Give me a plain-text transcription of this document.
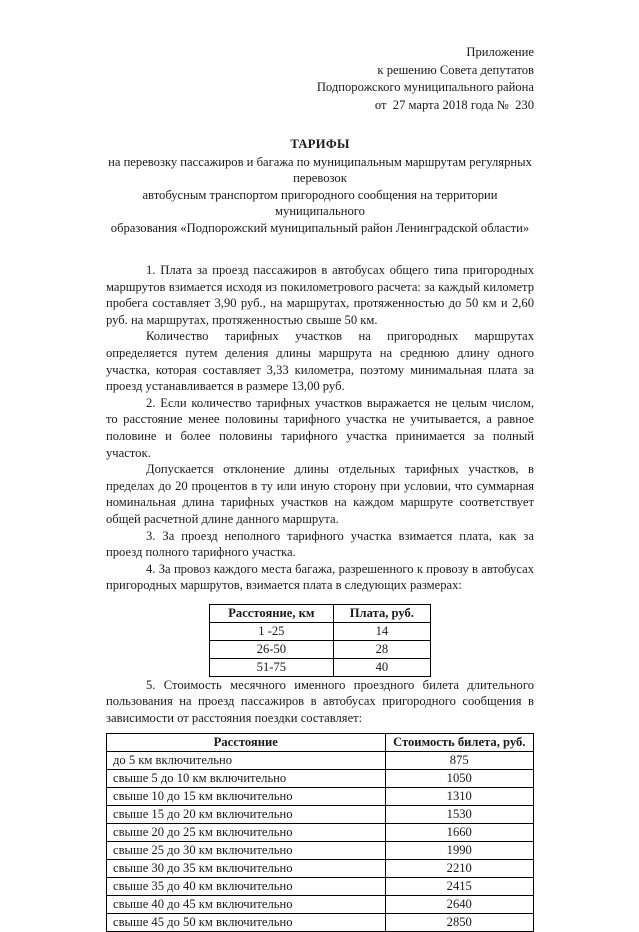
Приложение
к решению Совета депутатов
Подпорожского муниципального района
от  27 марта 2018 года №  230
ТАРИФЫ
на перевозку пассажиров и багажа по муниципальным маршрутам регулярных перевозок
автобусным транспортом пригородного сообщения на территории муниципального
образования «Подпорожский муниципальный район Ленинградской области»

1. Плата за проезд пассажиров в автобусах общего типа пригородных маршрутов взимается исходя из покилометрового расчета: за каждый километр пробега составляет 3,90 руб., на маршрутах, протяженностью до 50 км и 2,60 руб. на маршрутах, протяженностью свыше 50 км.

Количество тарифных участков на пригородных маршрутах определяется путем деления длины маршрута на среднюю длину одного участка, которая составляет 3,33 километра, поэтому минимальная плата за проезд устанавливается в размере 13,00 руб.

2. Если количество тарифных участков выражается не целым числом, то расстояние менее половины тарифного участка не учитывается, а равное половине и более половины тарифного участка принимается за полный участок.

Допускается отклонение длины отдельных тарифных участков, в пределах до 20 процентов в ту или иную сторону при условии, что суммарная номинальная длина тарифных участков на каждом маршруте соответствует общей расчетной длине данного маршрута.

3. За проезд неполного тарифного участка взимается плата, как за проезд полного тарифного участка.

4. За провоз каждого места багажа, разрешенного к провозу в автобусах пригородных маршрутов, взимается плата в следующих размерах:

Расстояние, км	Плата, руб.
1 -25	14
26-50	28
51-75	40

5. Стоимость месячного именного проездного билета длительного пользования на проезд пассажиров в автобусах пригородного сообщения в зависимости от расстояния поездки составляет:

Расстояние	Стоимость билета, руб.
до 5 км включительно	875
свыше 5 до 10 км включительно	1050
свыше 10 до 15 км включительно	1310
свыше 15 до 20 км включительно	1530
свыше 20 до 25 км включительно	1660
свыше 25 до 30 км включительно	1990
свыше 30 до 35 км включительно	2210
свыше 35 до 40 км включительно	2415
свыше 40 до 45 км включительно	2640
свыше 45 до 50 км включительно	2850
